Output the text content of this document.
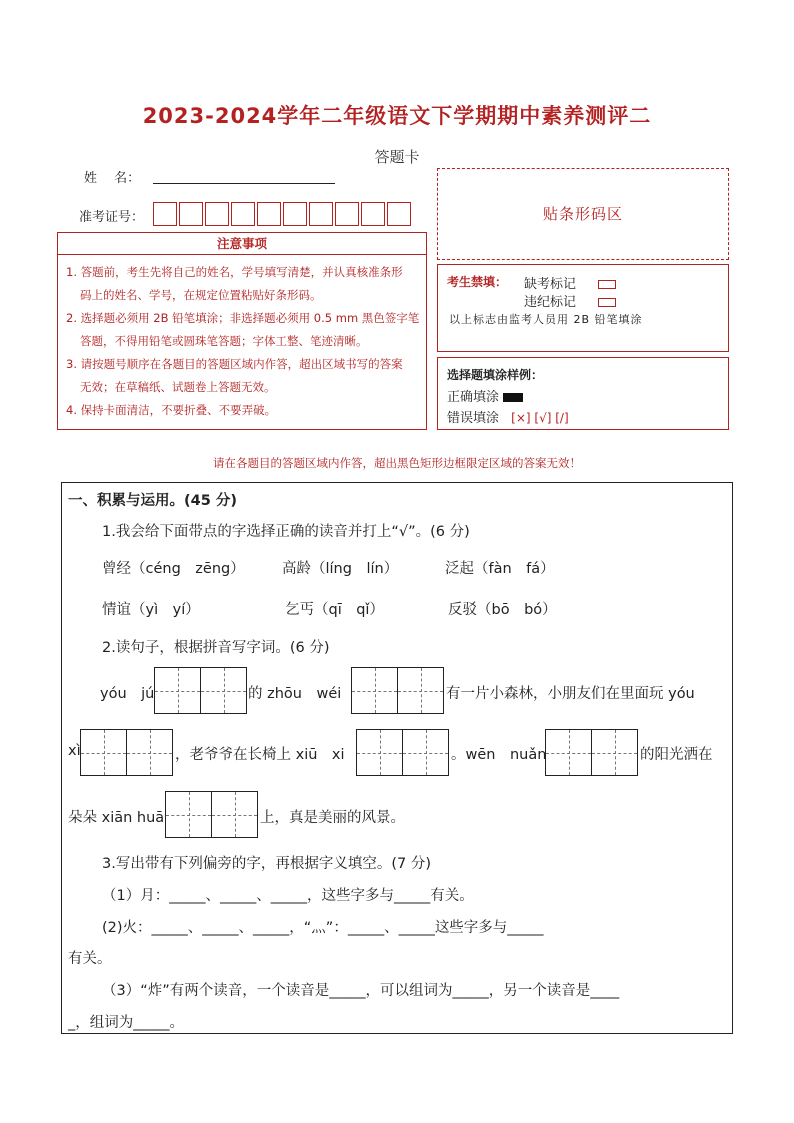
2023-2024学年二年级语文下学期期中素养测评二
答题卡
姓　 名：
准考证号：	贴条形码区
注意事项

1. 答题前，考生先将自己的姓名，学号填写清楚，并认真核准条形

码上的姓名、学号，在规定位置粘贴好条形码。

2. 选择题必须用 2B 铅笔填涂；非选择题必须用 0.5 mm 黑色签字笔

答题，不得用铅笔或圆珠笔答题；字体工整、笔迹清晰。

3. 请按题号顺序在各题目的答题区域内作答，超出区域书写的答案

无效；在草稿纸、试题卷上答题无效。

4. 保持卡面清洁，不要折叠、不要弄破。

考生禁填： 缺考标记
违纪标记
以上标志由监考人员用 2B 铅笔填涂
选择题填涂样例：
正确填涂
错误填涂 [×] [√] [/]
请在各题目的答题区域内作答，超出黑色矩形边框限定区域的答案无效！
一、积累与运用。(45 分)
1.我会给下面带点的字选择正确的读音并打上“√”。(6 分)
曾经（céng　zēng）	高龄（líng　lín）	泛起（fàn　fá）
情谊（yì　yí）	乞丐（qī　qǐ）	反驳（bō　bó）
2.读句子，根据拼音写字词。(6 分)
yóu　jú	的 zhōu　wéi	有一片小森林，小朋友们在里面玩 yóu
xì	，老爷爷在长椅上 xiū　xi	。wēn　nuǎn	的阳光洒在
朵朵 xiān huā	上，真是美丽的风景。
3.写出带有下列偏旁的字，再根据字义填空。(7 分)
（1）月：_____、_____、_____，这些字多与_____有关。
(2)火：_____、_____、_____，“灬”：_____、_____这些字多与_____
有关。
（3）“炸”有两个读音，一个读音是_____，可以组词为_____，另一个读音是____
_，组词为_____。
